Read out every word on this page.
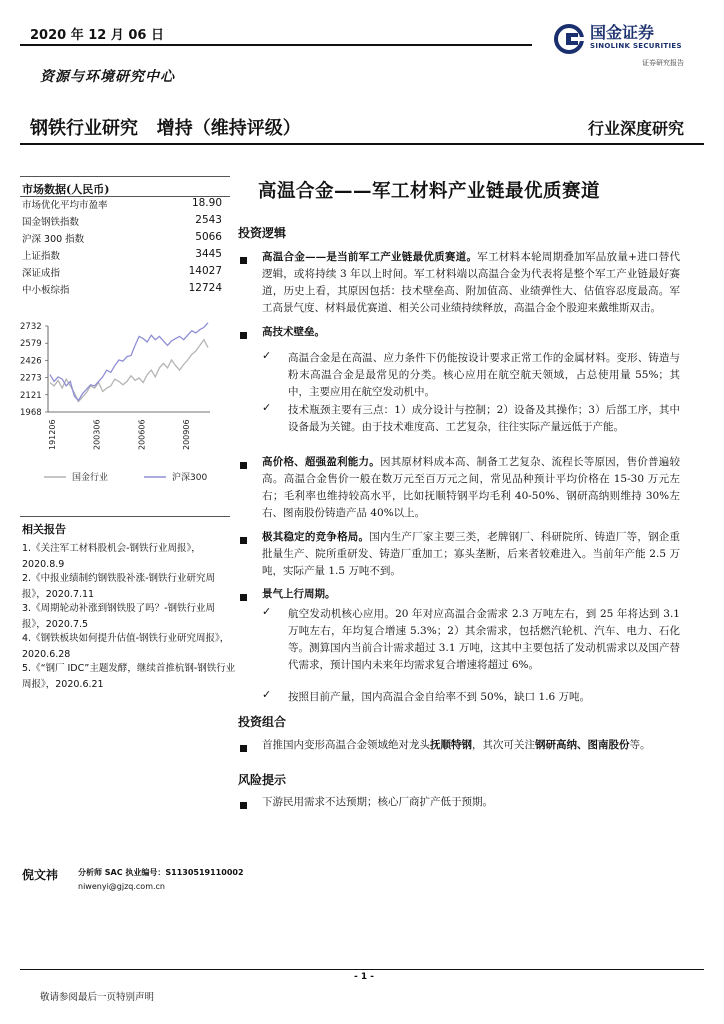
2020 年 12 月 06 日
资源与环境研究中心
钢铁行业研究   增持（维持评级）	行业深度研究
国金证券
SINOLINK SECURITIES
证券研究报告
市场数据(人民币)
市场优化平均市盈率	18.90
国金钢铁指数	2543
沪深 300 指数	5066
上证指数	3445
深证成指	14027
中小板综指	12724
2732
2579
2426
2273
2121
1968
191206	200306	200606	200906
国金行业	沪深300
相关报告
1.《关注军工材料股机会-钢铁行业周报》，2020.8.9
2.《中报业绩制约钢铁股补涨-钢铁行业研究周报》，2020.7.11
3.《周期轮动补涨到钢铁股了吗？-钢铁行业周报》，2020.7.5
4.《钢铁板块如何提升估值-钢铁行业研究周报》，2020.6.28
5.《“钢厂 IDC”主题发酵，继续首推杭钢-钢铁行业周报》，2020.6.21
高温合金——军工材料产业链最优质赛道
投资逻辑
高温合金——是当前军工产业链最优质赛道。军工材料本轮周期叠加军品放量+进口替代逻辑，或将持续 3 年以上时间。军工材料端以高温合金为代表将是整个军工产业链最好赛道，历史上看，其原因包括：技术壁垒高、附加值高、业绩弹性大、估值容忍度最高。军工高景气度、材料最优赛道、相关公司业绩持续释放，高温合金个股迎来戴维斯双击。
高技术壁垒。
✓ 高温合金是在高温、应力条件下仍能按设计要求正常工作的金属材料。变形、铸造与粉末高温合金是最常见的分类。核心应用在航空航天领域，占总使用量 55%；其中，主要应用在航空发动机中。
✓ 技术瓶颈主要有三点：1）成分设计与控制；2）设备及其操作；3）后部工序，其中设备最为关键。由于技术难度高、工艺复杂，往往实际产量远低于产能。
高价格、超强盈利能力。因其原材料成本高、制备工艺复杂、流程长等原因，售价普遍较高。高温合金售价一般在数万元至百万元之间，常见品种预计平均价格在 15-30 万元左右；毛利率也维持较高水平，比如抚顺特钢平均毛利 40-50%、钢研高纳则维持 30%左右、图南股份铸造产品 40%以上。
极其稳定的竞争格局。国内生产厂家主要三类，老牌钢厂、科研院所、铸造厂等，钢企重批量生产、院所重研发、铸造厂重加工；寡头垄断，后来者较难进入。当前年产能 2.5 万吨，实际产量 1.5 万吨不到。
景气上行周期。
✓ 航空发动机核心应用。20 年对应高温合金需求 2.3 万吨左右，到 25 年将达到 3.1 万吨左右，年均复合增速 5.3%；2）其余需求，包括燃汽轮机、汽车、电力、石化等。测算国内当前合计需求超过 3.1 万吨，这其中主要包括了发动机需求以及国产替代需求，预计国内未来年均需求复合增速将超过 6%。
✓ 按照目前产量，国内高温合金自给率不到 50%，缺口 1.6 万吨。
投资组合
首推国内变形高温合金领域绝对龙头抚顺特钢，其次可关注钢研高纳、图南股份等。
风险提示
下游民用需求不达预期；核心厂商扩产低于预期。
倪文祎 分析师 SAC 执业编号：S1130519110002
niwenyi@gjzq.com.cn
- 1 -
敬请参阅最后一页特别声明
